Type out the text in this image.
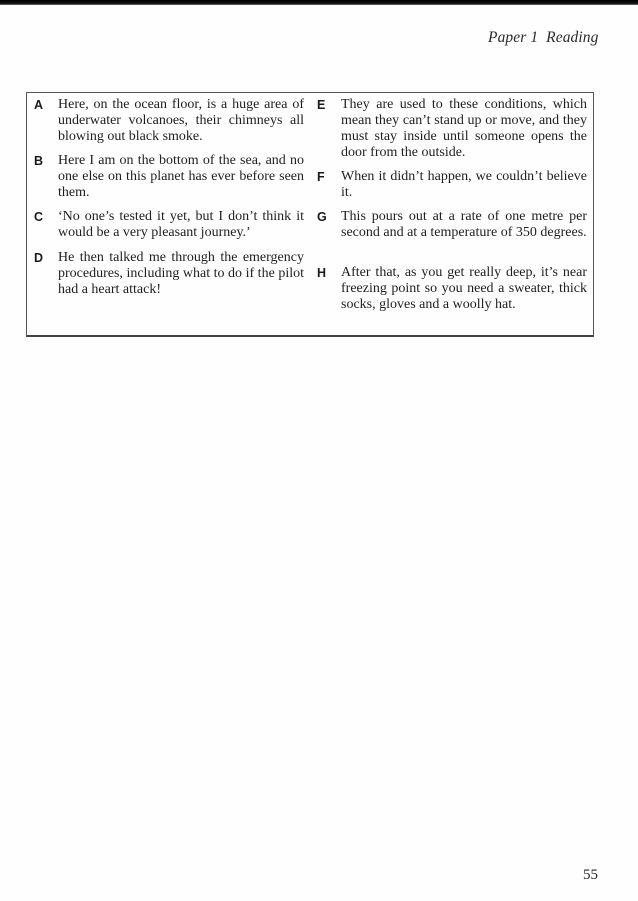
Paper 1  Reading
A Here, on the ocean floor, is a huge area of underwater volcanoes, their chimneys all blowing out black smoke.
B Here I am on the bottom of the sea, and no one else on this planet has ever before seen them.
C ‘No one’s tested it yet, but I don’t think it would be a very pleasant journey.’
D He then talked me through the emergency procedures, including what to do if the pilot had a heart attack!
E They are used to these conditions, which mean they can’t stand up or move, and they must stay inside until someone opens the door from the outside.
F When it didn’t happen, we couldn’t believe it.
G This pours out at a rate of one metre per second and at a temperature of 350 degrees.
H After that, as you get really deep, it’s near freezing point so you need a sweater, thick socks, gloves and a woolly hat.
55
